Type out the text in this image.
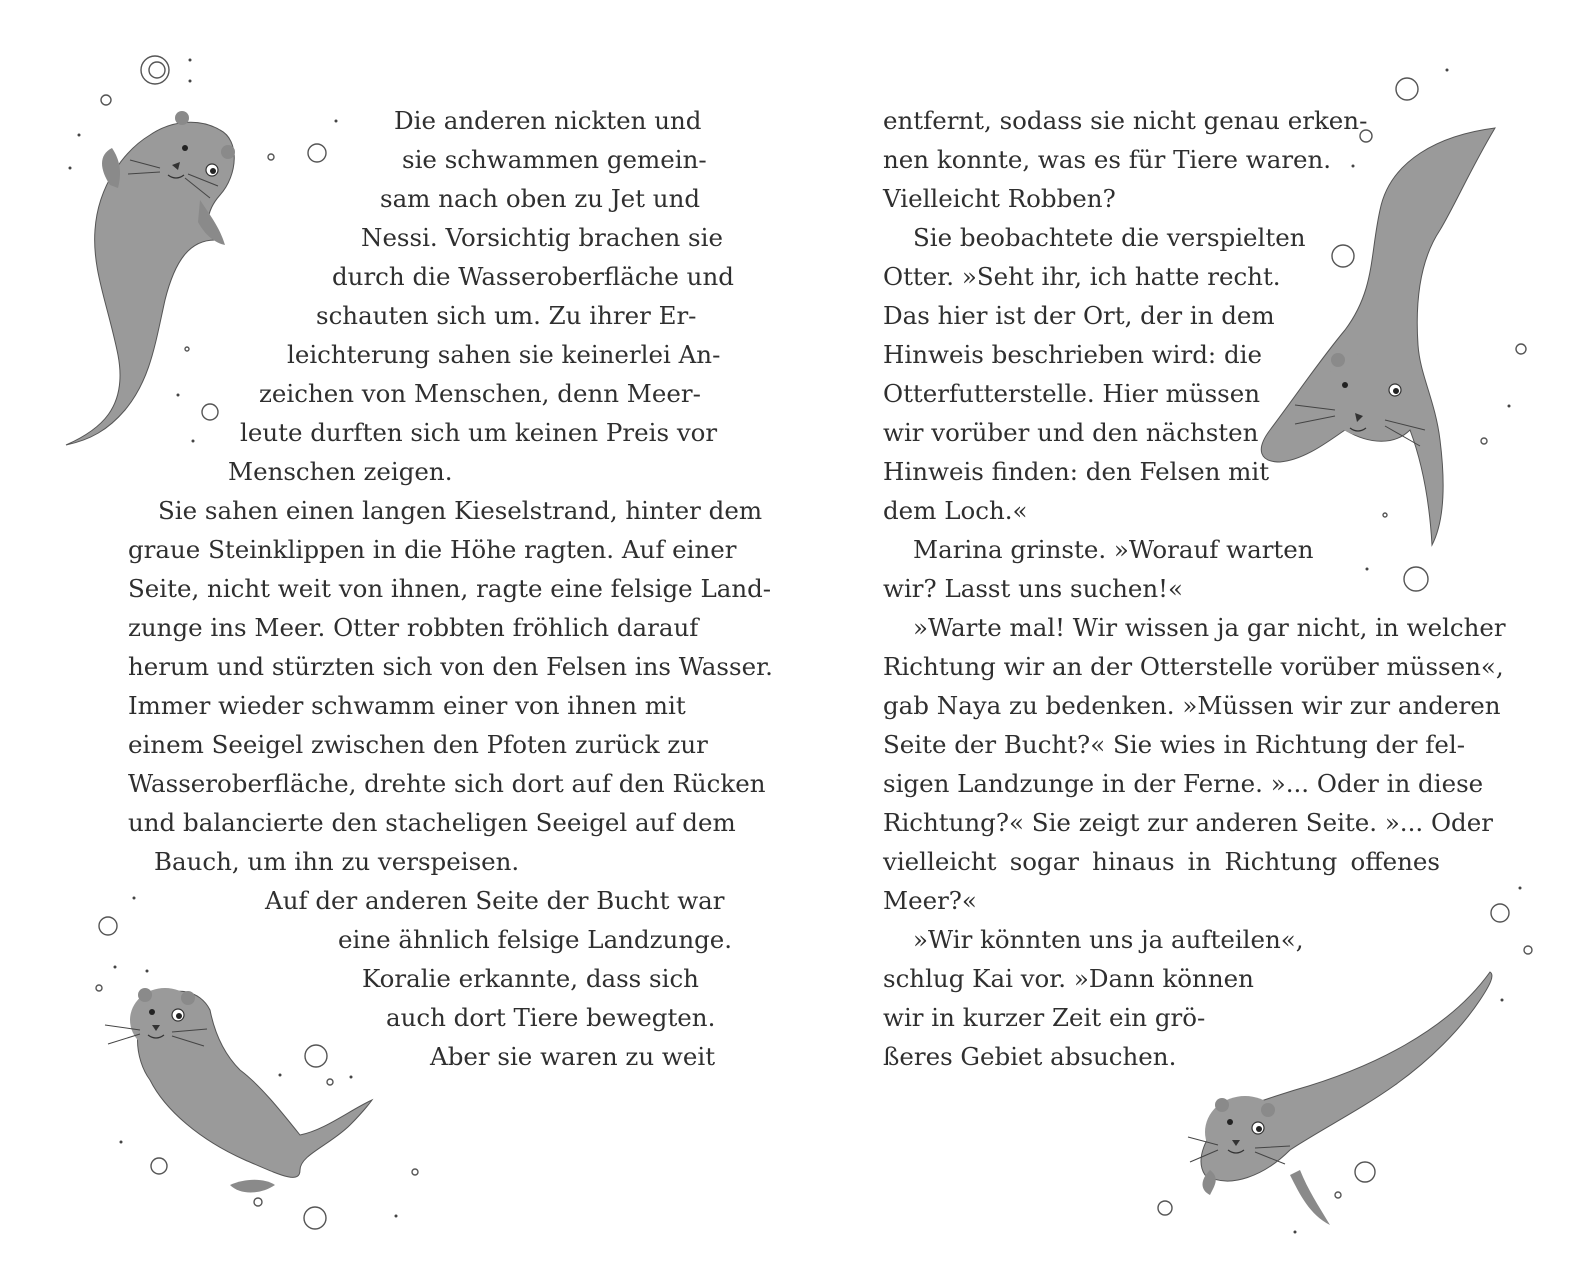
Die anderen nickten und

sie schwammen gemein-

sam nach oben zu Jet und

Nessi. Vorsichtig brachen sie

durch die Wasseroberfläche und

schauten sich um. Zu ihrer Er-

leichterung sahen sie keinerlei An-

zeichen von Menschen, denn Meer-

leute durften sich um keinen Preis vor

Menschen zeigen.

Sie sahen einen langen Kieselstrand, hinter dem

graue Steinklippen in die Höhe ragten. Auf einer

Seite, nicht weit von ihnen, ragte eine felsige Land-

zunge ins Meer. Otter robbten fröhlich darauf

herum und stürzten sich von den Felsen ins Wasser.

Immer wieder schwamm einer von ihnen mit

einem Seeigel zwischen den Pfoten zurück zur

Wasseroberfläche, drehte sich dort auf den Rücken

und balancierte den stacheligen Seeigel auf dem

Bauch, um ihn zu verspeisen.

Auf der anderen Seite der Bucht war

eine ähnlich felsige Landzunge.

Koralie erkannte, dass sich

auch dort Tiere bewegten.

Aber sie waren zu weit

entfernt, sodass sie nicht genau erken-

nen konnte, was es für Tiere waren.

Vielleicht Robben?

Sie beobachtete die verspielten

Otter. »Seht ihr, ich hatte recht.

Das hier ist der Ort, der in dem

Hinweis beschrieben wird: die

Otterfutterstelle. Hier müssen

wir vorüber und den nächsten

Hinweis finden: den Felsen mit

dem Loch.«

Marina grinste. »Worauf warten

wir? Lasst uns suchen!«

»Warte mal! Wir wissen ja gar nicht, in welcher

Richtung wir an der Otterstelle vorüber müssen«,

gab Naya zu bedenken. »Müssen wir zur anderen

Seite der Bucht?« Sie wies in Richtung der fel-

sigen Landzunge in der Ferne. »... Oder in diese

Richtung?« Sie zeigt zur anderen Seite. »... Oder

vielleicht sogar hinaus in Richtung offenes

Meer?«

»Wir könnten uns ja aufteilen«,

schlug Kai vor. »Dann können

wir in kurzer Zeit ein grö-

ßeres Gebiet absuchen.
